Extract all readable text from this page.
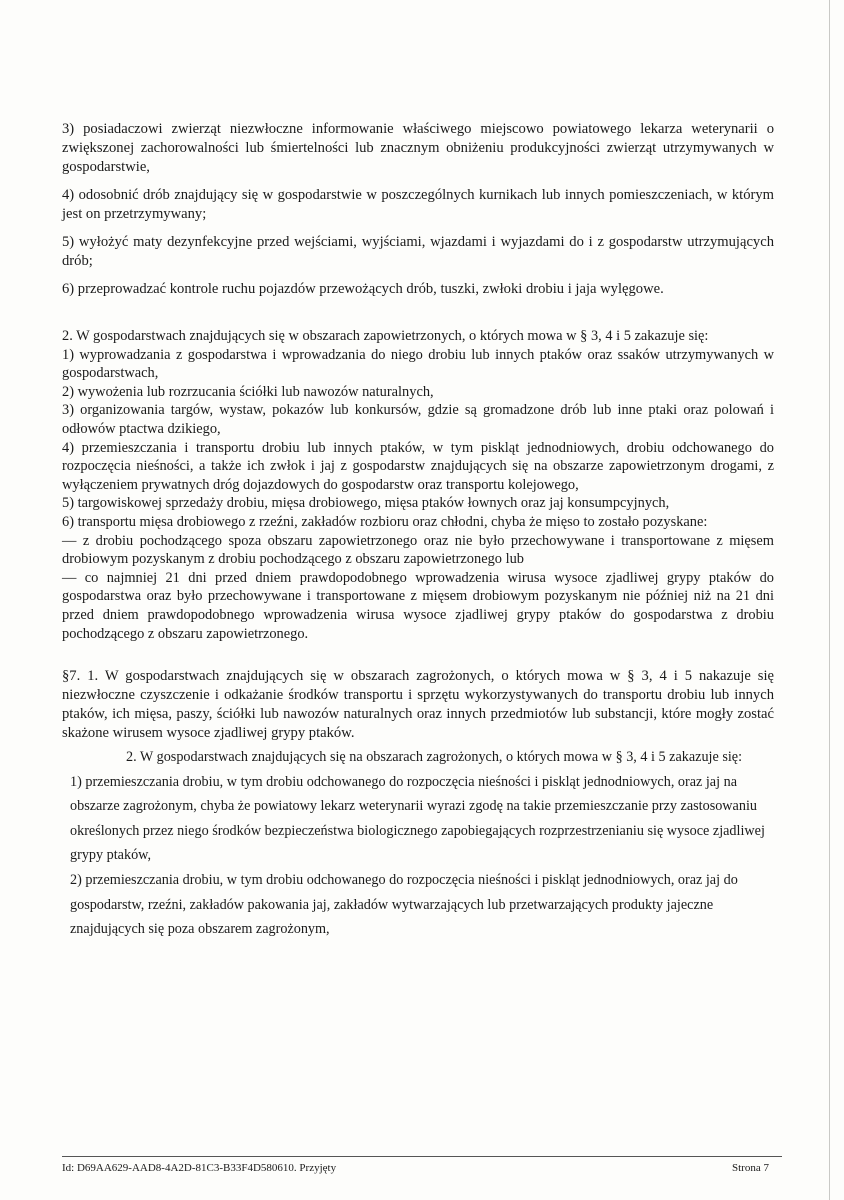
3) posiadaczowi zwierząt niezwłoczne informowanie właściwego miejscowo powiatowego lekarza weterynarii o zwiększonej zachorowalności lub śmiertelności lub znacznym obniżeniu produkcyjności zwierząt utrzymywanych w gospodarstwie,

4) odosobnić drób znajdujący się w gospodarstwie w poszczególnych kurnikach lub innych pomieszczeniach, w którym jest on przetrzymywany;

5) wyłożyć maty dezynfekcyjne przed wejściami, wyjściami, wjazdami i wyjazdami do i z gospodarstw utrzymujących drób;

6) przeprowadzać kontrole ruchu pojazdów przewożących drób, tuszki, zwłoki drobiu i jaja wylęgowe.

2. W gospodarstwach znajdujących się w obszarach zapowietrzonych, o których mowa w § 3, 4 i 5 zakazuje się:

1) wyprowadzania z gospodarstwa i wprowadzania do niego drobiu lub innych ptaków oraz ssaków utrzymywanych w gospodarstwach,

2) wywożenia lub rozrzucania ściółki lub nawozów naturalnych,

3) organizowania targów, wystaw, pokazów lub konkursów, gdzie są gromadzone drób lub inne ptaki oraz polowań i odłowów ptactwa dzikiego,

4) przemieszczania i transportu drobiu lub innych ptaków, w tym piskląt jednodniowych, drobiu odchowanego do rozpoczęcia nieśności, a także ich zwłok i jaj z gospodarstw znajdujących się na obszarze zapowietrzonym drogami, z wyłączeniem prywatnych dróg dojazdowych do gospodarstw oraz transportu kolejowego,

5) targowiskowej sprzedaży drobiu, mięsa drobiowego, mięsa ptaków łownych oraz jaj konsumpcyjnych,

6) transportu mięsa drobiowego z rzeźni, zakładów rozbioru oraz chłodni, chyba że mięso to zostało pozyskane:

— z drobiu pochodzącego spoza obszaru zapowietrzonego oraz nie było przechowywane i transportowane z mięsem drobiowym pozyskanym z drobiu pochodzącego z obszaru zapowietrzonego lub

— co najmniej 21 dni przed dniem prawdopodobnego wprowadzenia wirusa wysoce zjadliwej grypy ptaków do gospodarstwa oraz było przechowywane i transportowane z mięsem drobiowym pozyskanym nie później niż na 21 dni przed dniem prawdopodobnego wprowadzenia wirusa wysoce zjadliwej grypy ptaków do gospodarstwa z drobiu pochodzącego z obszaru zapowietrzonego.

§7. 1. W gospodarstwach znajdujących się w obszarach zagrożonych, o których mowa w § 3, 4 i 5 nakazuje się niezwłoczne czyszczenie i odkażanie środków transportu i sprzętu wykorzystywanych do transportu drobiu lub innych ptaków, ich mięsa, paszy, ściółki lub nawozów naturalnych oraz innych przedmiotów lub substancji, które mogły zostać skażone wirusem wysoce zjadliwej grypy ptaków.

2. W gospodarstwach znajdujących się na obszarach zagrożonych, o których mowa w § 3, 4 i 5 zakazuje się:

1) przemieszczania drobiu, w tym drobiu odchowanego do rozpoczęcia nieśności i piskląt jednodniowych, oraz jaj na obszarze zagrożonym, chyba że powiatowy lekarz weterynarii wyrazi zgodę na takie przemieszczanie przy zastosowaniu określonych przez niego środków bezpieczeństwa biologicznego zapobiegających rozprzestrzenianiu się wysoce zjadliwej grypy ptaków,

2) przemieszczania drobiu, w tym drobiu odchowanego do rozpoczęcia nieśności i piskląt jednodniowych, oraz jaj do gospodarstw, rzeźni, zakładów pakowania jaj, zakładów wytwarzających lub przetwarzających produkty jajeczne znajdujących się poza obszarem zagrożonym,

Id: D69AA629-AAD8-4A2D-81C3-B33F4D580610. Przyjęty	Strona 7
